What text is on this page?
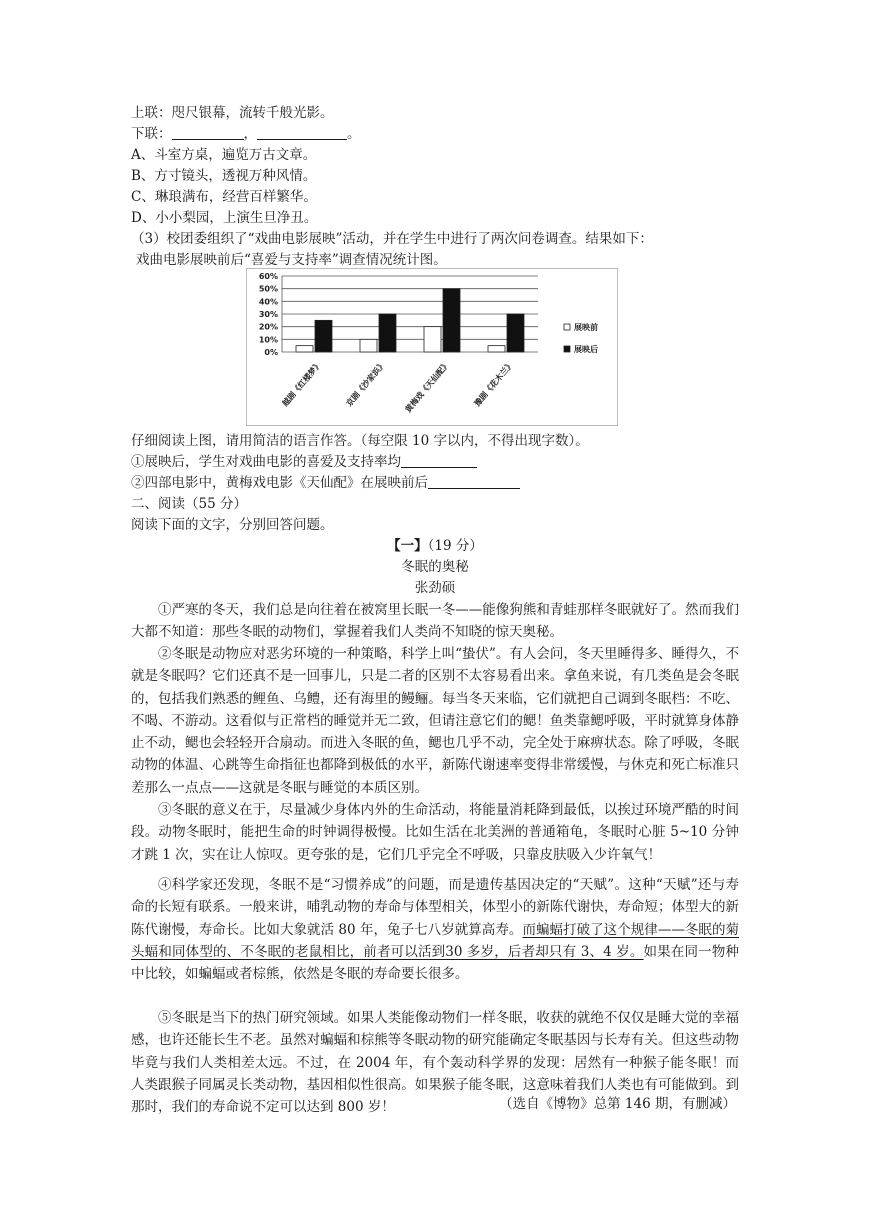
上联：咫尺银幕，流转千般光影。
下联：	，	。
A、斗室方桌，遍览万古文章。
B、方寸镜头，透视万种风情。
C、琳琅满布，经营百样繁华。
D、小小梨园，上演生旦净丑。
（3）校团委组织了“戏曲电影展映”活动，并在学生中进行了两次问卷调查。结果如下：
戏曲电影展映前后“喜爱与支持率”调查情况统计图。
0%
10%
20%
30%
40%
50%
60%
越剧《红楼梦》	京剧《沙家浜》 黄梅戏《天仙配》	豫剧《花木兰》
展映前
展映后
仔细阅读上图，请用简洁的语言作答。（每空限 10 字以内，不得出现字数）。
①展映后，学生对戏曲电影的喜爱及支持率均
②四部电影中，黄梅戏电影《天仙配》在展映前后
二、阅读（55 分）
阅读下面的文字，分别回答问题。
【一】（19 分）
冬眠的奥秘
张劲硕
①严寒的冬天，我们总是向往着在被窝里长眠一冬——能像狗熊和青蛙那样冬眠就好了。然而我们大都不知道：那些冬眠的动物们，掌握着我们人类尚不知晓的惊天奥秘。
②冬眠是动物应对恶劣环境的一种策略，科学上叫“蛰伏”。有人会问，冬天里睡得多、睡得久，不就是冬眠吗？它们还真不是一回事儿，只是二者的区别不太容易看出来。拿鱼来说，有几类鱼是会冬眠的，包括我们熟悉的鲤鱼、乌鳢，还有海里的鳗鲡。每当冬天来临，它们就把自己调到冬眠档：不吃、不喝、不游动。这看似与正常档的睡觉并无二致，但请注意它们的鳃！鱼类靠鳃呼吸，平时就算身体静止不动，鳃也会轻轻开合扇动。而进入冬眠的鱼，鳃也几乎不动，完全处于麻痹状态。除了呼吸，冬眠动物的体温、心跳等生命指征也都降到极低的水平，新陈代谢速率变得非常缓慢，与休克和死亡标准只差那么一点点——这就是冬眠与睡觉的本质区别。
③冬眠的意义在于，尽量减少身体内外的生命活动，将能量消耗降到最低，以挨过环境严酷的时间段。动物冬眠时，能把生命的时钟调得极慢。比如生活在北美洲的普通箱龟，冬眠时心脏 5~10 分钟才跳 1 次，实在让人惊叹。更夸张的是，它们几乎完全不呼吸，只靠皮肤吸入少许氧气！
④科学家还发现，冬眠不是“习惯养成”的问题，而是遗传基因决定的“天赋”。这种“天赋”还与寿命的长短有联系。一般来讲，哺乳动物的寿命与体型相关，体型小的新陈代谢快，寿命短；体型大的新陈代谢慢，寿命长。比如大象就活 80 年，兔子七八岁就算高寿。而蝙蝠打破了这个规律——冬眠的菊头蝠和同体型的、不冬眠的老鼠相比，前者可以活到30 多岁，后者却只有 3、4 岁。如果在同一物种中比较，如蝙蝠或者棕熊，依然是冬眠的寿命要长很多。
⑤冬眠是当下的热门研究领域。如果人类能像动物们一样冬眠，收获的就绝不仅仅是睡大觉的幸福感，也许还能长生不老。虽然对蝙蝠和棕熊等冬眠动物的研究能确定冬眠基因与长寿有关。但这些动物毕竟与我们人类相差太远。不过，在 2004 年，有个轰动科学界的发现：居然有一种猴子能冬眠！而人类跟猴子同属灵长类动物，基因相似性很高。如果猴子能冬眠，这意味着我们人类也有可能做到。到那时，我们的寿命说不定可以达到 800 岁！	（选自《博物》总第 146 期，有删减）
